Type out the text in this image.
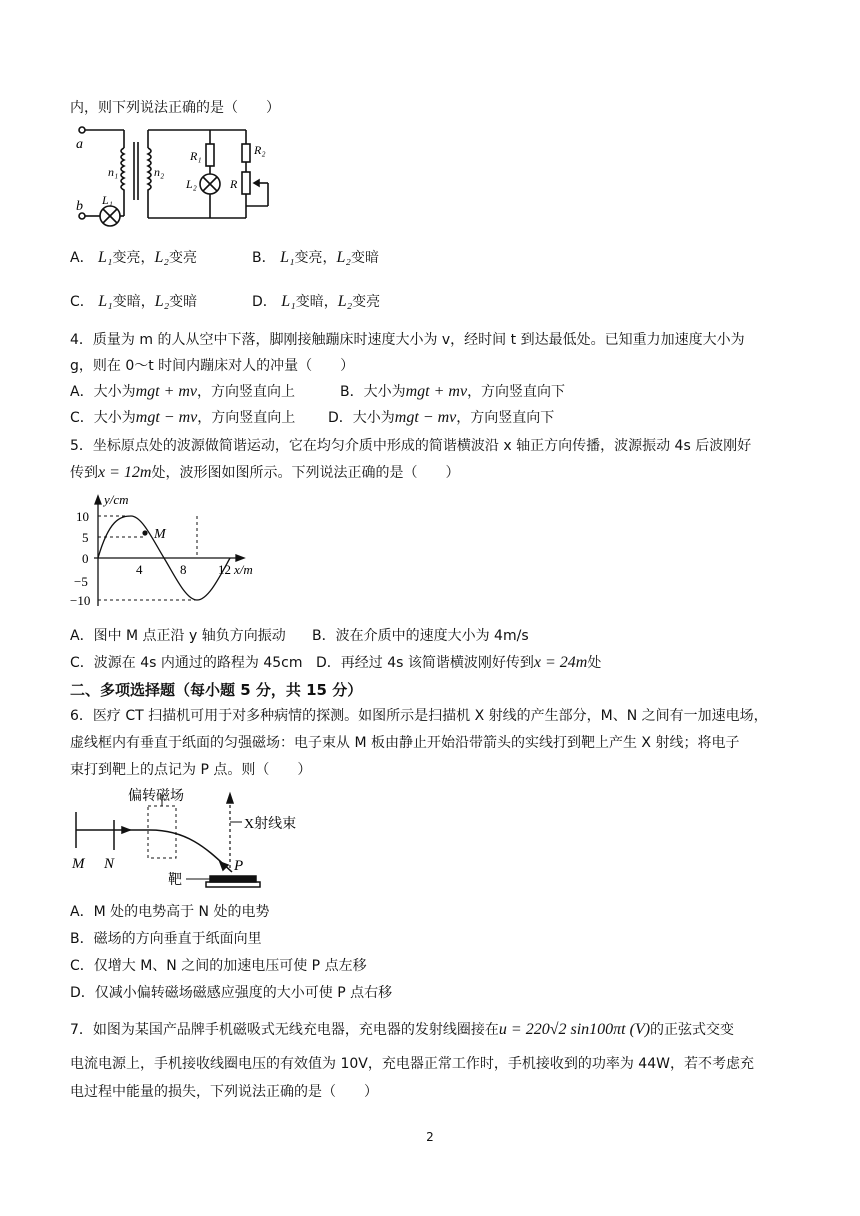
内，则下列说法正确的是（　　）
a
b
n₁	n₂
L₁
L₂
R₁	R₂
R
A． L₁变亮，L₂变亮	B． L₁变亮，L₂变暗
C． L₁变暗，L₂变暗	D． L₁变暗，L₂变亮
4．质量为 m 的人从空中下落，脚刚接触蹦床时速度大小为 v，经时间 t 到达最低处。已知重力加速度大小为
g，则在 0～t 时间内蹦床对人的冲量（　　）
A．大小为mgt + mv，方向竖直向上	B．大小为mgt + mv，方向竖直向下
C．大小为mgt − mv，方向竖直向上 D．大小为mgt − mv，方向竖直向下
5．坐标原点处的波源做简谐运动，它在均匀介质中形成的简谐横波沿 x 轴正方向传播，波源振动 4s 后波刚好
传到x = 12m处，波形图如图所示。下列说法正确的是（　　）
M
y/cm
x/m
10
5
0
−5
−10
4	8 12
A．图中 M 点正沿 y 轴负方向振动 B．波在介质中的速度大小为 4m/s
C．波源在 4s 内通过的路程为 45cm D．再经过 4s 该简谐横波刚好传到x = 24m处
二、多项选择题（每小题 5 分，共 15 分）
6．医疗 CT 扫描机可用于对多种病情的探测。如图所示是扫描机 X 射线的产生部分，M、N 之间有一加速电场，
虚线框内有垂直于纸面的匀强磁场：电子束从 M 板由静止开始沿带箭头的实线打到靶上产生 X 射线；将电子
束打到靶上的点记为 P 点。则（　　）
偏转磁场
X射线束
靶
M N	P
A．M 处的电势高于 N 处的电势
B．磁场的方向垂直于纸面向里
C．仅增大 M、N 之间的加速电压可使 P 点左移
D．仅减小偏转磁场磁感应强度的大小可使 P 点右移
7．如图为某国产品牌手机磁吸式无线充电器，充电器的发射线圈接在u = 220√2 sin100πt (V)的正弦式交变
电流电源上，手机接收线圈电压的有效值为 10V，充电器正常工作时，手机接收到的功率为 44W，若不考虑充
电过程中能量的损失，下列说法正确的是（　　）
2
